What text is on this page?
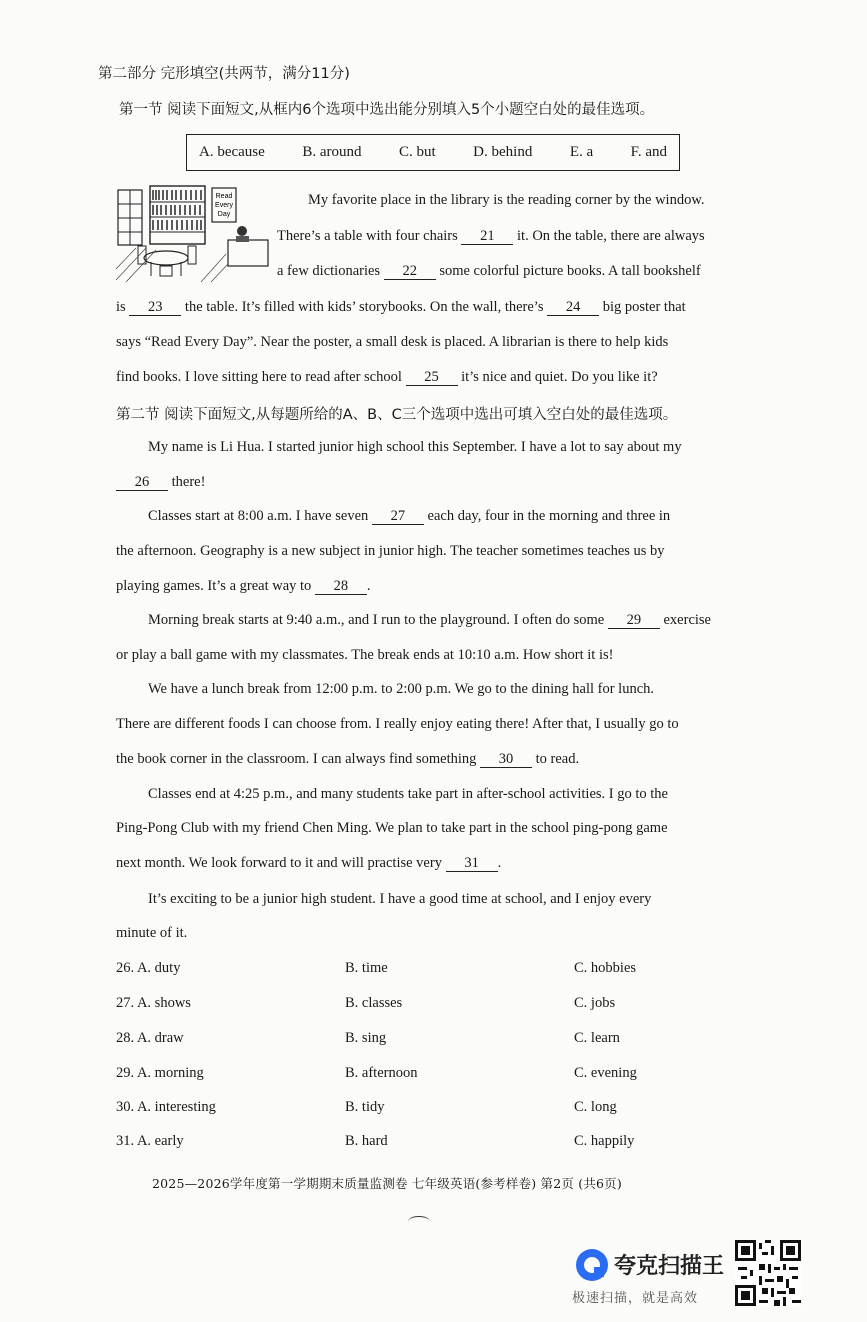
第二部分 完形填空(共两节，满分11分)
第一节 阅读下面短文,从框内6个选项中选出能分别填入5个小题空白处的最佳选项。
A. because	B. around	C. but	D. behind	E. a	F. and
Read
Every
Day
My favorite place in the library is the reading corner by the window.
There’s a table with four chairs 21 it. On the table, there are always
a few dictionaries 22 some colorful picture books. A tall bookshelf
is 23 the table. It’s filled with kids’ storybooks. On the wall, there’s 24 big poster that
says “Read Every Day”. Near the poster, a small desk is placed. A librarian is there to help kids
find books. I love sitting here to read after school 25 it’s nice and quiet. Do you like it?
第二节 阅读下面短文,从每题所给的A、B、C三个选项中选出可填入空白处的最佳选项。
My name is Li Hua. I started junior high school this September. I have a lot to say about my
26 there!
Classes start at 8:00 a.m. I have seven 27 each day, four in the morning and three in
the afternoon. Geography is a new subject in junior high. The teacher sometimes teaches us by
playing games. It’s a great way to 28 .
Morning break starts at 9:40 a.m., and I run to the playground. I often do some 29 exercise
or play a ball game with my classmates. The break ends at 10:10 a.m. How short it is!
We have a lunch break from 12:00 p.m. to 2:00 p.m. We go to the dining hall for lunch.
There are different foods I can choose from. I really enjoy eating there! After that, I usually go to
the book corner in the classroom. I can always find something 30 to read.
Classes end at 4:25 p.m., and many students take part in after-school activities. I go to the
Ping-Pong Club with my friend Chen Ming. We plan to take part in the school ping-pong game
next month. We look forward to it and will practise very 31 .
It’s exciting to be a junior high student. I have a good time at school, and I enjoy every
minute of it.
26. A. duty	B. time	C. hobbies
27. A. shows	B. classes	C. jobs
28. A. draw	B. sing	C. learn
29. A. morning	B. afternoon	C. evening
30. A. interesting	B. tidy	C. long
31. A. early	B. hard	C. happily
2025—2026学年度第一学期期末质量监测卷 七年级英语(参考样卷) 第2页 (共6页)
夸克扫描王
极速扫描，就是高效
